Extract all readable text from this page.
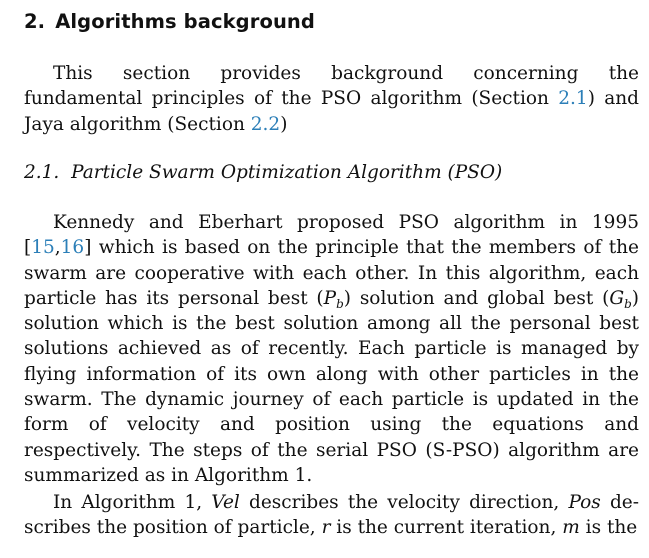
2. Algorithms background
This section provides background concerning the fundamental principles of the PSO algorithm (Section 2.1) and Jaya algorithm (Section 2.2)
2.1. Particle Swarm Optimization Algorithm (PSO)
Kennedy and Eberhart proposed PSO algorithm in 1995 [15,16] which is based on the principle that the members of the swarm are cooperative with each other. In this algorithm, each particle has its personal best $(P_b)$ solution and global best $(G_b)$ solution which is the best solution among all the personal best solutions achieved as of recently. Each particle is managed by flying information of its own along with other particles in the swarm. The dynamic journey of each particle is updated in the form of velocity and position using the equations and respectively. The steps of the serial PSO (S-PSO) algorithm are summarized as in Algorithm 1.
In Algorithm 1, Vel describes the velocity direction, Pos describes the position of particle, r is the current iteration, m is the
